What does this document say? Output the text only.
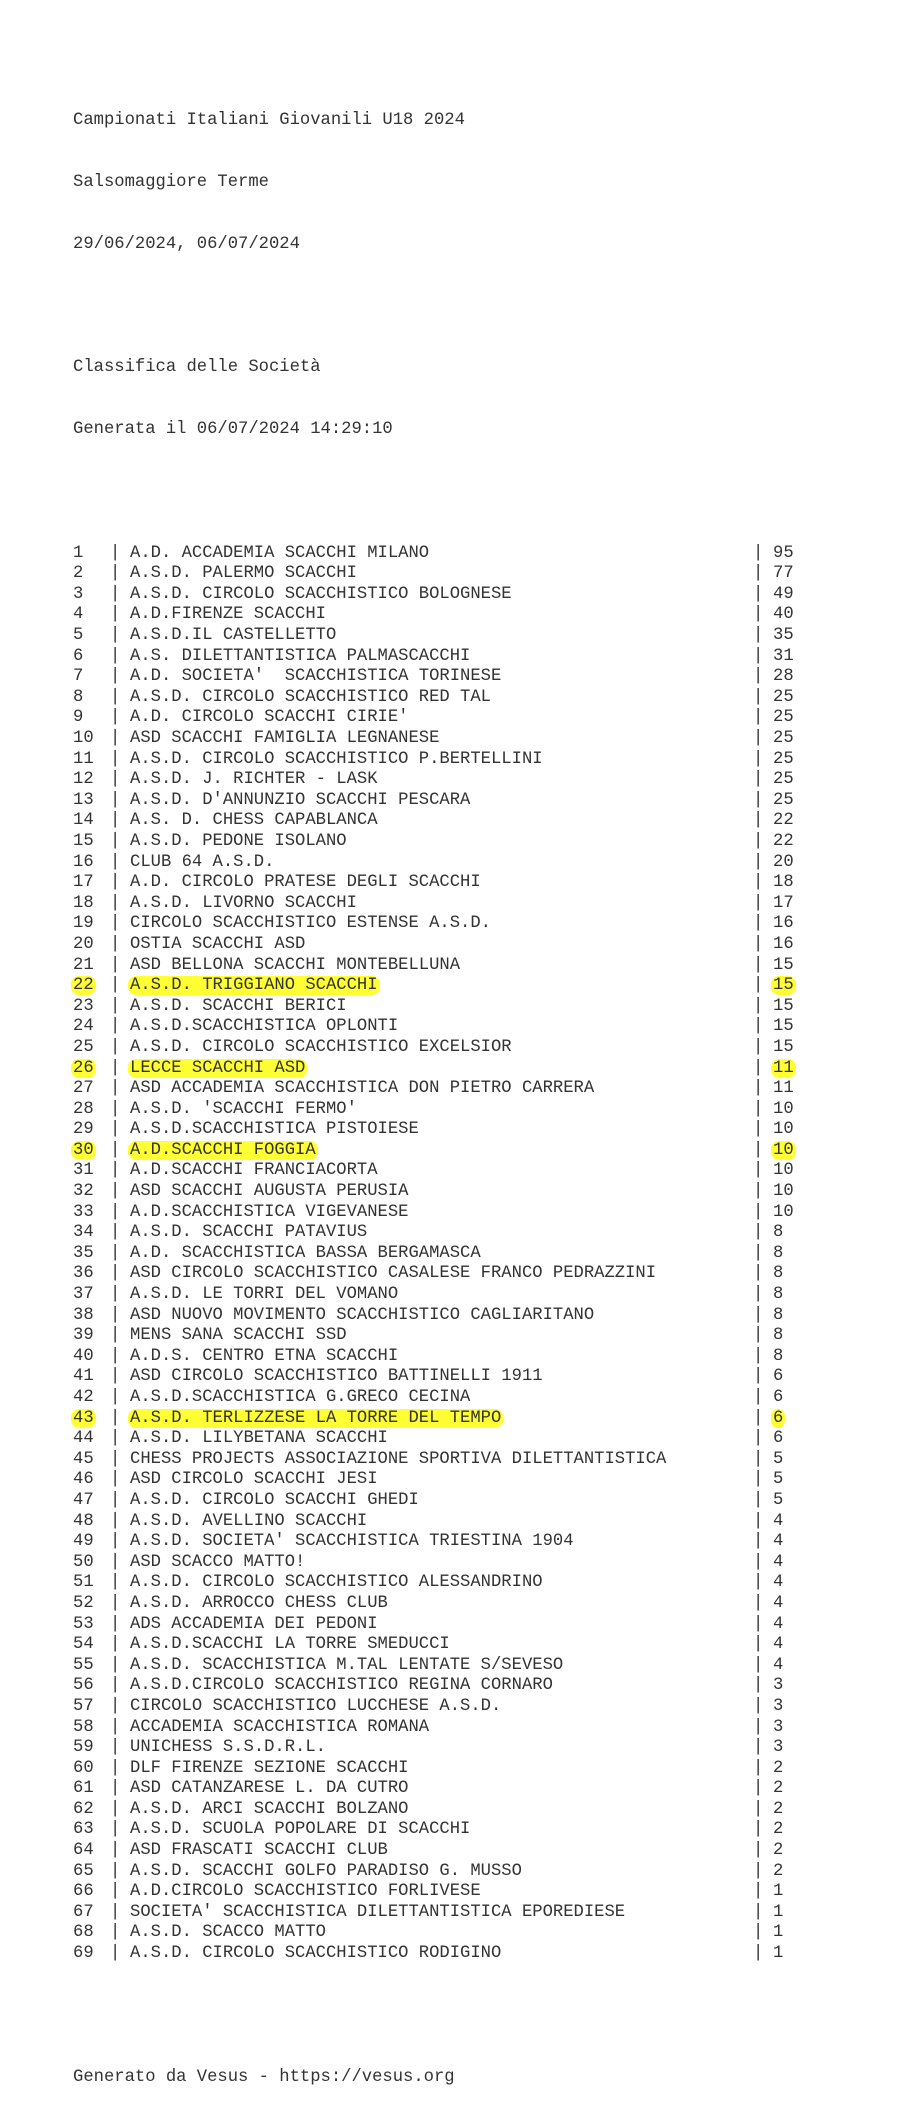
Campionati Italiani Giovanili U18 2024

Salsomaggiore Terme

29/06/2024, 06/07/2024

Classifica delle Società

Generata il 06/07/2024 14:29:10

1 | A.D. ACCADEMIA SCACCHI MILANO	| 95
2 | A.S.D. PALERMO SCACCHI	| 77
3 | A.S.D. CIRCOLO SCACCHISTICO BOLOGNESE	| 49
4 | A.D.FIRENZE SCACCHI	| 40
5 | A.S.D.IL CASTELLETTO	| 35
6 | A.S. DILETTANTISTICA PALMASCACCHI	| 31
7 | A.D. SOCIETA'  SCACCHISTICA TORINESE	| 28
8 | A.S.D. CIRCOLO SCACCHISTICO RED TAL	| 25
9 | A.D. CIRCOLO SCACCHI CIRIE'	| 25
10 | ASD SCACCHI FAMIGLIA LEGNANESE	| 25
11 | A.S.D. CIRCOLO SCACCHISTICO P.BERTELLINI	| 25
12 | A.S.D. J. RICHTER - LASK	| 25
13 | A.S.D. D'ANNUNZIO SCACCHI PESCARA	| 25
14 | A.S. D. CHESS CAPABLANCA	| 22
15 | A.S.D. PEDONE ISOLANO	| 22
16 | CLUB 64 A.S.D.	| 20
17 | A.D. CIRCOLO PRATESE DEGLI SCACCHI	| 18
18 | A.S.D. LIVORNO SCACCHI	| 17
19 | CIRCOLO SCACCHISTICO ESTENSE A.S.D.	| 16
20 | OSTIA SCACCHI ASD	| 16
21 | ASD BELLONA SCACCHI MONTEBELLUNA	| 15
22 | A.S.D. TRIGGIANO SCACCHI	| 15
23 | A.S.D. SCACCHI BERICI	| 15
24 | A.S.D.SCACCHISTICA OPLONTI	| 15
25 | A.S.D. CIRCOLO SCACCHISTICO EXCELSIOR	| 15
26 | LECCE SCACCHI ASD	| 11
27 | ASD ACCADEMIA SCACCHISTICA DON PIETRO CARRERA	| 11
28 | A.S.D. 'SCACCHI FERMO'	| 10
29 | A.S.D.SCACCHISTICA PISTOIESE	| 10
30 | A.D.SCACCHI FOGGIA	| 10
31 | A.D.SCACCHI FRANCIACORTA	| 10
32 | ASD SCACCHI AUGUSTA PERUSIA	| 10
33 | A.D.SCACCHISTICA VIGEVANESE	| 10
34 | A.S.D. SCACCHI PATAVIUS	| 8
35 | A.D. SCACCHISTICA BASSA BERGAMASCA	| 8
36 | ASD CIRCOLO SCACCHISTICO CASALESE FRANCO PEDRAZZINI	| 8
37 | A.S.D. LE TORRI DEL VOMANO	| 8
38 | ASD NUOVO MOVIMENTO SCACCHISTICO CAGLIARITANO	| 8
39 | MENS SANA SCACCHI SSD	| 8
40 | A.D.S. CENTRO ETNA SCACCHI	| 8
41 | ASD CIRCOLO SCACCHISTICO BATTINELLI 1911	| 6
42 | A.S.D.SCACCHISTICA G.GRECO CECINA	| 6
43 | A.S.D. TERLIZZESE LA TORRE DEL TEMPO	| 6
44 | A.S.D. LILYBETANA SCACCHI	| 6
45 | CHESS PROJECTS ASSOCIAZIONE SPORTIVA DILETTANTISTICA	| 5
46 | ASD CIRCOLO SCACCHI JESI	| 5
47 | A.S.D. CIRCOLO SCACCHI GHEDI	| 5
48 | A.S.D. AVELLINO SCACCHI	| 4
49 | A.S.D. SOCIETA' SCACCHISTICA TRIESTINA 1904	| 4
50 | ASD SCACCO MATTO!	| 4
51 | A.S.D. CIRCOLO SCACCHISTICO ALESSANDRINO	| 4
52 | A.S.D. ARROCCO CHESS CLUB	| 4
53 | ADS ACCADEMIA DEI PEDONI	| 4
54 | A.S.D.SCACCHI LA TORRE SMEDUCCI	| 4
55 | A.S.D. SCACCHISTICA M.TAL LENTATE S/SEVESO	| 4
56 | A.S.D.CIRCOLO SCACCHISTICO REGINA CORNARO	| 3
57 | CIRCOLO SCACCHISTICO LUCCHESE A.S.D.	| 3
58 | ACCADEMIA SCACCHISTICA ROMANA	| 3
59 | UNICHESS S.S.D.R.L.	| 3
60 | DLF FIRENZE SEZIONE SCACCHI	| 2
61 | ASD CATANZARESE L. DA CUTRO	| 2
62 | A.S.D. ARCI SCACCHI BOLZANO	| 2
63 | A.S.D. SCUOLA POPOLARE DI SCACCHI	| 2
64 | ASD FRASCATI SCACCHI CLUB	| 2
65 | A.S.D. SCACCHI GOLFO PARADISO G. MUSSO	| 2
66 | A.D.CIRCOLO SCACCHISTICO FORLIVESE	| 1
67 | SOCIETA' SCACCHISTICA DILETTANTISTICA EPOREDIESE	| 1
68 | A.S.D. SCACCO MATTO	| 1
69 | A.S.D. CIRCOLO SCACCHISTICO RODIGINO	| 1

Generato da Vesus - https://vesus.org
